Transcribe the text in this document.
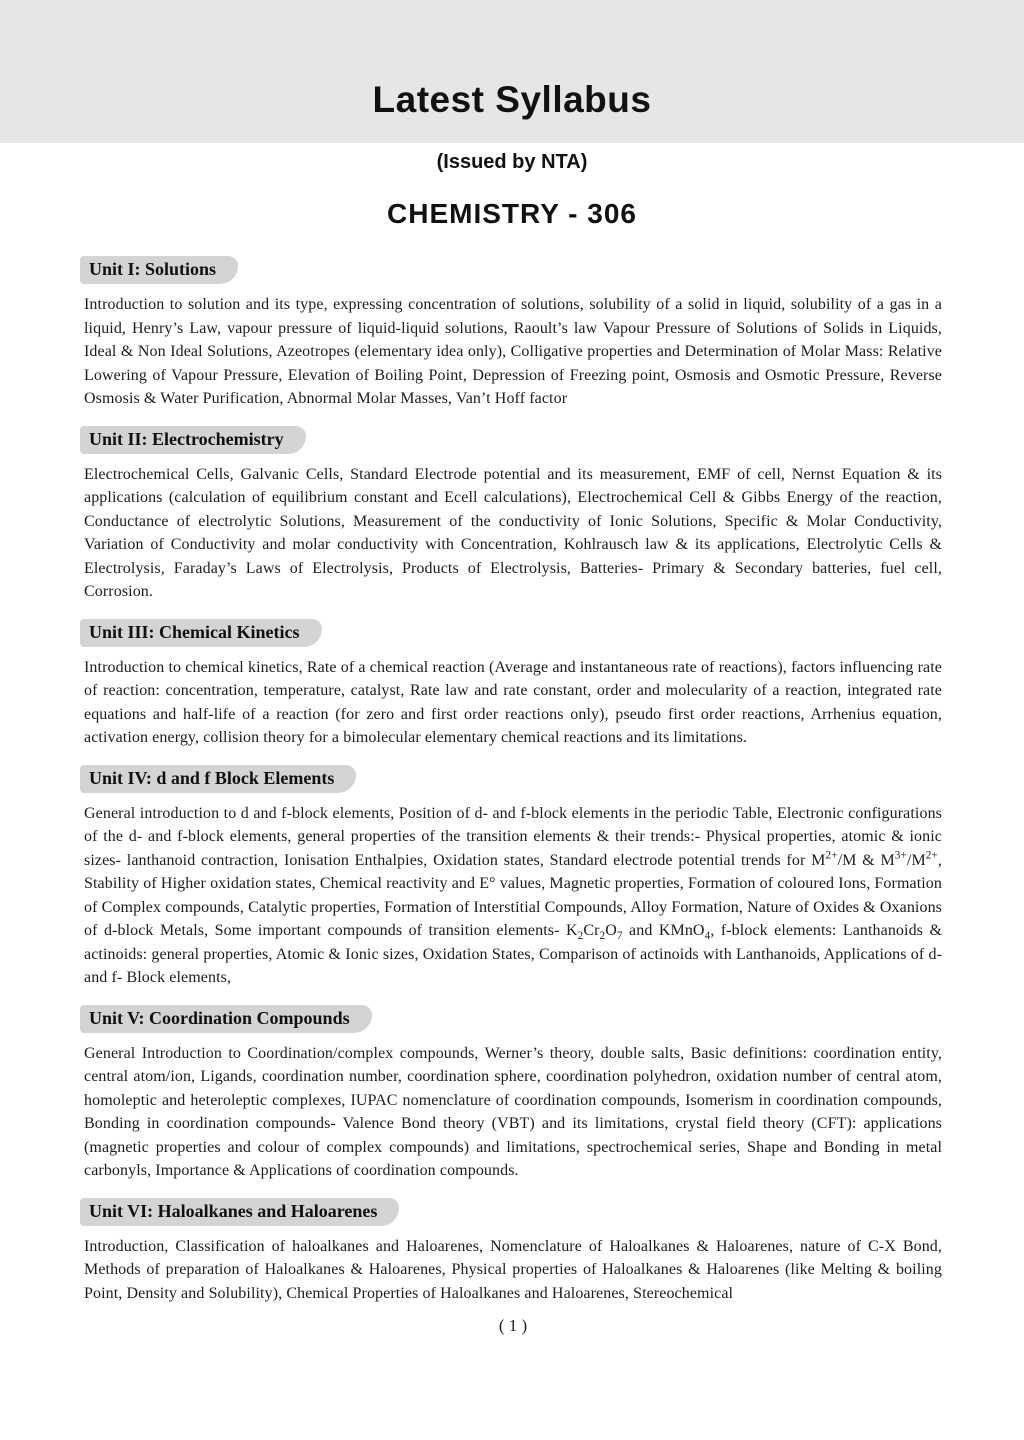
Latest Syllabus
(Issued by NTA)
CHEMISTRY - 306
Unit I: Solutions

Introduction to solution and its type, expressing concentration of solutions, solubility of a solid in liquid, solubility of a gas in a liquid, Henry’s Law, vapour pressure of liquid-liquid solutions, Raoult’s law Vapour Pressure of Solutions of Solids in Liquids, Ideal & Non Ideal Solutions, Azeotropes (elementary idea only), Colligative properties and Determination of Molar Mass: Relative Lowering of Vapour Pressure, Elevation of Boiling Point, Depression of Freezing point, Osmosis and Osmotic Pressure, Reverse Osmosis & Water Purification, Abnormal Molar Masses, Van’t Hoff factor

Unit II: Electrochemistry

Electrochemical Cells, Galvanic Cells, Standard Electrode potential and its measurement, EMF of cell, Nernst Equation & its applications (calculation of equilibrium constant and Ecell calculations), Electrochemical Cell & Gibbs Energy of the reaction, Conductance of electrolytic Solutions, Measurement of the conductivity of Ionic Solutions, Specific & Molar Conductivity, Variation of Conductivity and molar conductivity with Concentration, Kohlrausch law & its applications, Electrolytic Cells & Electrolysis, Faraday’s Laws of Electrolysis, Products of Electrolysis, Batteries- Primary & Secondary batteries, fuel cell, Corrosion.

Unit III: Chemical Kinetics

Introduction to chemical kinetics, Rate of a chemical reaction (Average and instantaneous rate of reactions), factors influencing rate of reaction: concentration, temperature, catalyst, Rate law and rate constant, order and molecularity of a reaction, integrated rate equations and half-life of a reaction (for zero and first order reactions only), pseudo first order reactions, Arrhenius equation, activation energy, collision theory for a bimolecular elementary chemical reactions and its limitations.

Unit IV: d and f Block Elements

General introduction to d and f-block elements, Position of d- and f-block elements in the periodic Table, Electronic configurations of the d- and f-block elements, general properties of the transition elements & their trends:- Physical properties, atomic & ionic sizes- lanthanoid contraction, Ionisation Enthalpies, Oxidation states, Standard electrode potential trends for $M^{2+}/M$ & $M^{3+}/M^{2+}$, Stability of Higher oxidation states, Chemical reactivity and E° values, Magnetic properties, Formation of coloured Ions, Formation of Complex compounds, Catalytic properties, Formation of Interstitial Compounds, Alloy Formation, Nature of Oxides & Oxanions of d-block Metals, Some important compounds of transition elements- $K_2Cr_2O_7$ and KMnO$_4$, f-block elements: Lanthanoids & actinoids: general properties, Atomic & Ionic sizes, Oxidation States, Comparison of actinoids with Lanthanoids, Applications of d-and f- Block elements,

Unit V: Coordination Compounds

General Introduction to Coordination/complex compounds, Werner’s theory, double salts, Basic definitions: coordination entity, central atom/ion, Ligands, coordination number, coordination sphere, coordination polyhedron, oxidation number of central atom, homoleptic and heteroleptic complexes, IUPAC nomenclature of coordination compounds, Isomerism in coordination compounds, Bonding in coordination compounds- Valence Bond theory (VBT) and its limitations, crystal field theory (CFT): applications (magnetic properties and colour of complex compounds) and limitations, spectrochemical series, Shape and Bonding in metal carbonyls, Importance & Applications of coordination compounds.

Unit VI: Haloalkanes and Haloarenes

Introduction, Classification of haloalkanes and Haloarenes, Nomenclature of Haloalkanes & Haloarenes, nature of C-X Bond, Methods of preparation of Haloalkanes & Haloarenes, Physical properties of Haloalkanes & Haloarenes (like Melting & boiling Point, Density and Solubility), Chemical Properties of Haloalkanes and Haloarenes, Stereochemical

( 1 )
